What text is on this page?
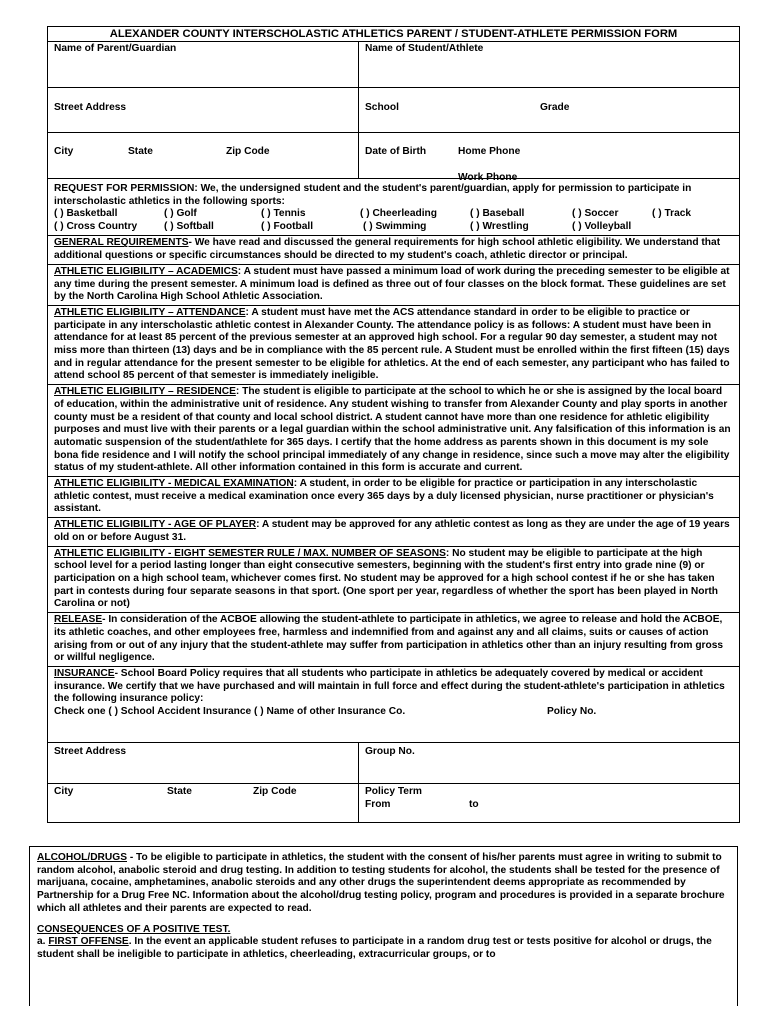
ALEXANDER COUNTY INTERSCHOLASTIC ATHLETICS PARENT / STUDENT-ATHLETE PERMISSION FORM
Name of Parent/Guardian	Name of Student/Athlete
Street Address	School	Grade
City	State	Zip Code	Date of Birth	Home Phone
Work Phone
REQUEST FOR PERMISSION: We, the undersigned student and the student's parent/guardian, apply for permission to participate in interscholastic athletics in the following sports:
( ) Basketball	( ) Golf	( ) Tennis	( ) Cheerleading	( ) Baseball	( ) Soccer	( ) Track
( ) Cross Country	( ) Softball	( ) Football	( ) Swimming	( ) Wrestling	( ) Volleyball
GENERAL REQUIREMENTS- We have read and discussed the general requirements for high school athletic eligibility. We understand that additional questions or specific circumstances should be directed to my student's coach, athletic director or principal.
ATHLETIC ELIGIBILITY – ACADEMICS: A student must have passed a minimum load of work during the preceding semester to be eligible at any time during the present semester. A minimum load is defined as three out of four classes on the block format. These guidelines are set by the North Carolina High School Athletic Association.
ATHLETIC ELIGIBILITY – ATTENDANCE: A student must have met the ACS attendance standard in order to be eligible to practice or participate in any interscholastic athletic contest in Alexander County. The attendance policy is as follows: A student must have been in attendance for at least 85 percent of the previous semester at an approved high school. For a regular 90 day semester, a student may not miss more than thirteen (13) days and be in compliance with the 85 percent rule. A Student must be enrolled within the first fifteen (15) days and in regular attendance for the present semester to be eligible for athletics. At the end of each semester, any participant who has failed to attend school 85 percent of that semester is immediately ineligible.
ATHLETIC ELIGIBILITY – RESIDENCE: The student is eligible to participate at the school to which he or she is assigned by the local board of education, within the administrative unit of residence. Any student wishing to transfer from Alexander County and play sports in another county must be a resident of that county and local school district. A student cannot have more than one residence for athletic eligibility purposes and must live with their parents or a legal guardian within the school administrative unit. Any falsification of this information is an automatic suspension of the student/athlete for 365 days. I certify that the home address as parents shown in this document is my sole bona fide residence and I will notify the school principal immediately of any change in residence, since such a move may alter the eligibility status of my student-athlete. All other information contained in this form is accurate and current.
ATHLETIC ELIGIBILITY - MEDICAL EXAMINATION: A student, in order to be eligible for practice or participation in any interscholastic athletic contest, must receive a medical examination once every 365 days by a duly licensed physician, nurse practitioner or physician's assistant.
ATHLETIC ELIGIBILITY - AGE OF PLAYER: A student may be approved for any athletic contest as long as they are under the age of 19 years old on or before August 31.
ATHLETIC ELIGIBILITY - EIGHT SEMESTER RULE / MAX. NUMBER OF SEASONS: No student may be eligible to participate at the high school level for a period lasting longer than eight consecutive semesters, beginning with the student's first entry into grade nine (9) or participation on a high school team, whichever comes first. No student may be approved for a high school contest if he or she has taken part in contests during four separate seasons in that sport. (One sport per year, regardless of whether the sport has been played in North Carolina or not)
RELEASE- In consideration of the ACBOE allowing the student-athlete to participate in athletics, we agree to release and hold the ACBOE, its athletic coaches, and other employees free, harmless and indemnified from and against any and all claims, suits or causes of action arising from or out of any injury that the student-athlete may suffer from participation in athletics other than an injury resulting from gross or willful negligence.
INSURANCE- School Board Policy requires that all students who participate in athletics be adequately covered by medical or accident insurance. We certify that we have purchased and will maintain in full force and effect during the student-athlete's participation in athletics the following insurance policy:
Check one ( ) School Accident Insurance ( ) Name of other Insurance Co.	Policy No.
Street Address	Group No.
City	State	Zip Code	Policy Term
From	to
ALCOHOL/DRUGS - To be eligible to participate in athletics, the student with the consent of his/her parents must agree in writing to submit to random alcohol, anabolic steroid and drug testing. In addition to testing students for alcohol, the students shall be tested for the presence of marijuana, cocaine, amphetamines, anabolic steroids and any other drugs the superintendent deems appropriate as recommended by Partnership for a Drug Free NC. Information about the alcohol/drug testing policy, program and procedures is provided in a separate brochure which all athletes and their parents are expected to read.
CONSEQUENCES OF A POSITIVE TEST.
a. FIRST OFFENSE. In the event an applicable student refuses to participate in a random drug test or tests positive for alcohol or drugs, the student shall be ineligible to participate in athletics, cheerleading, extracurricular groups, or to
